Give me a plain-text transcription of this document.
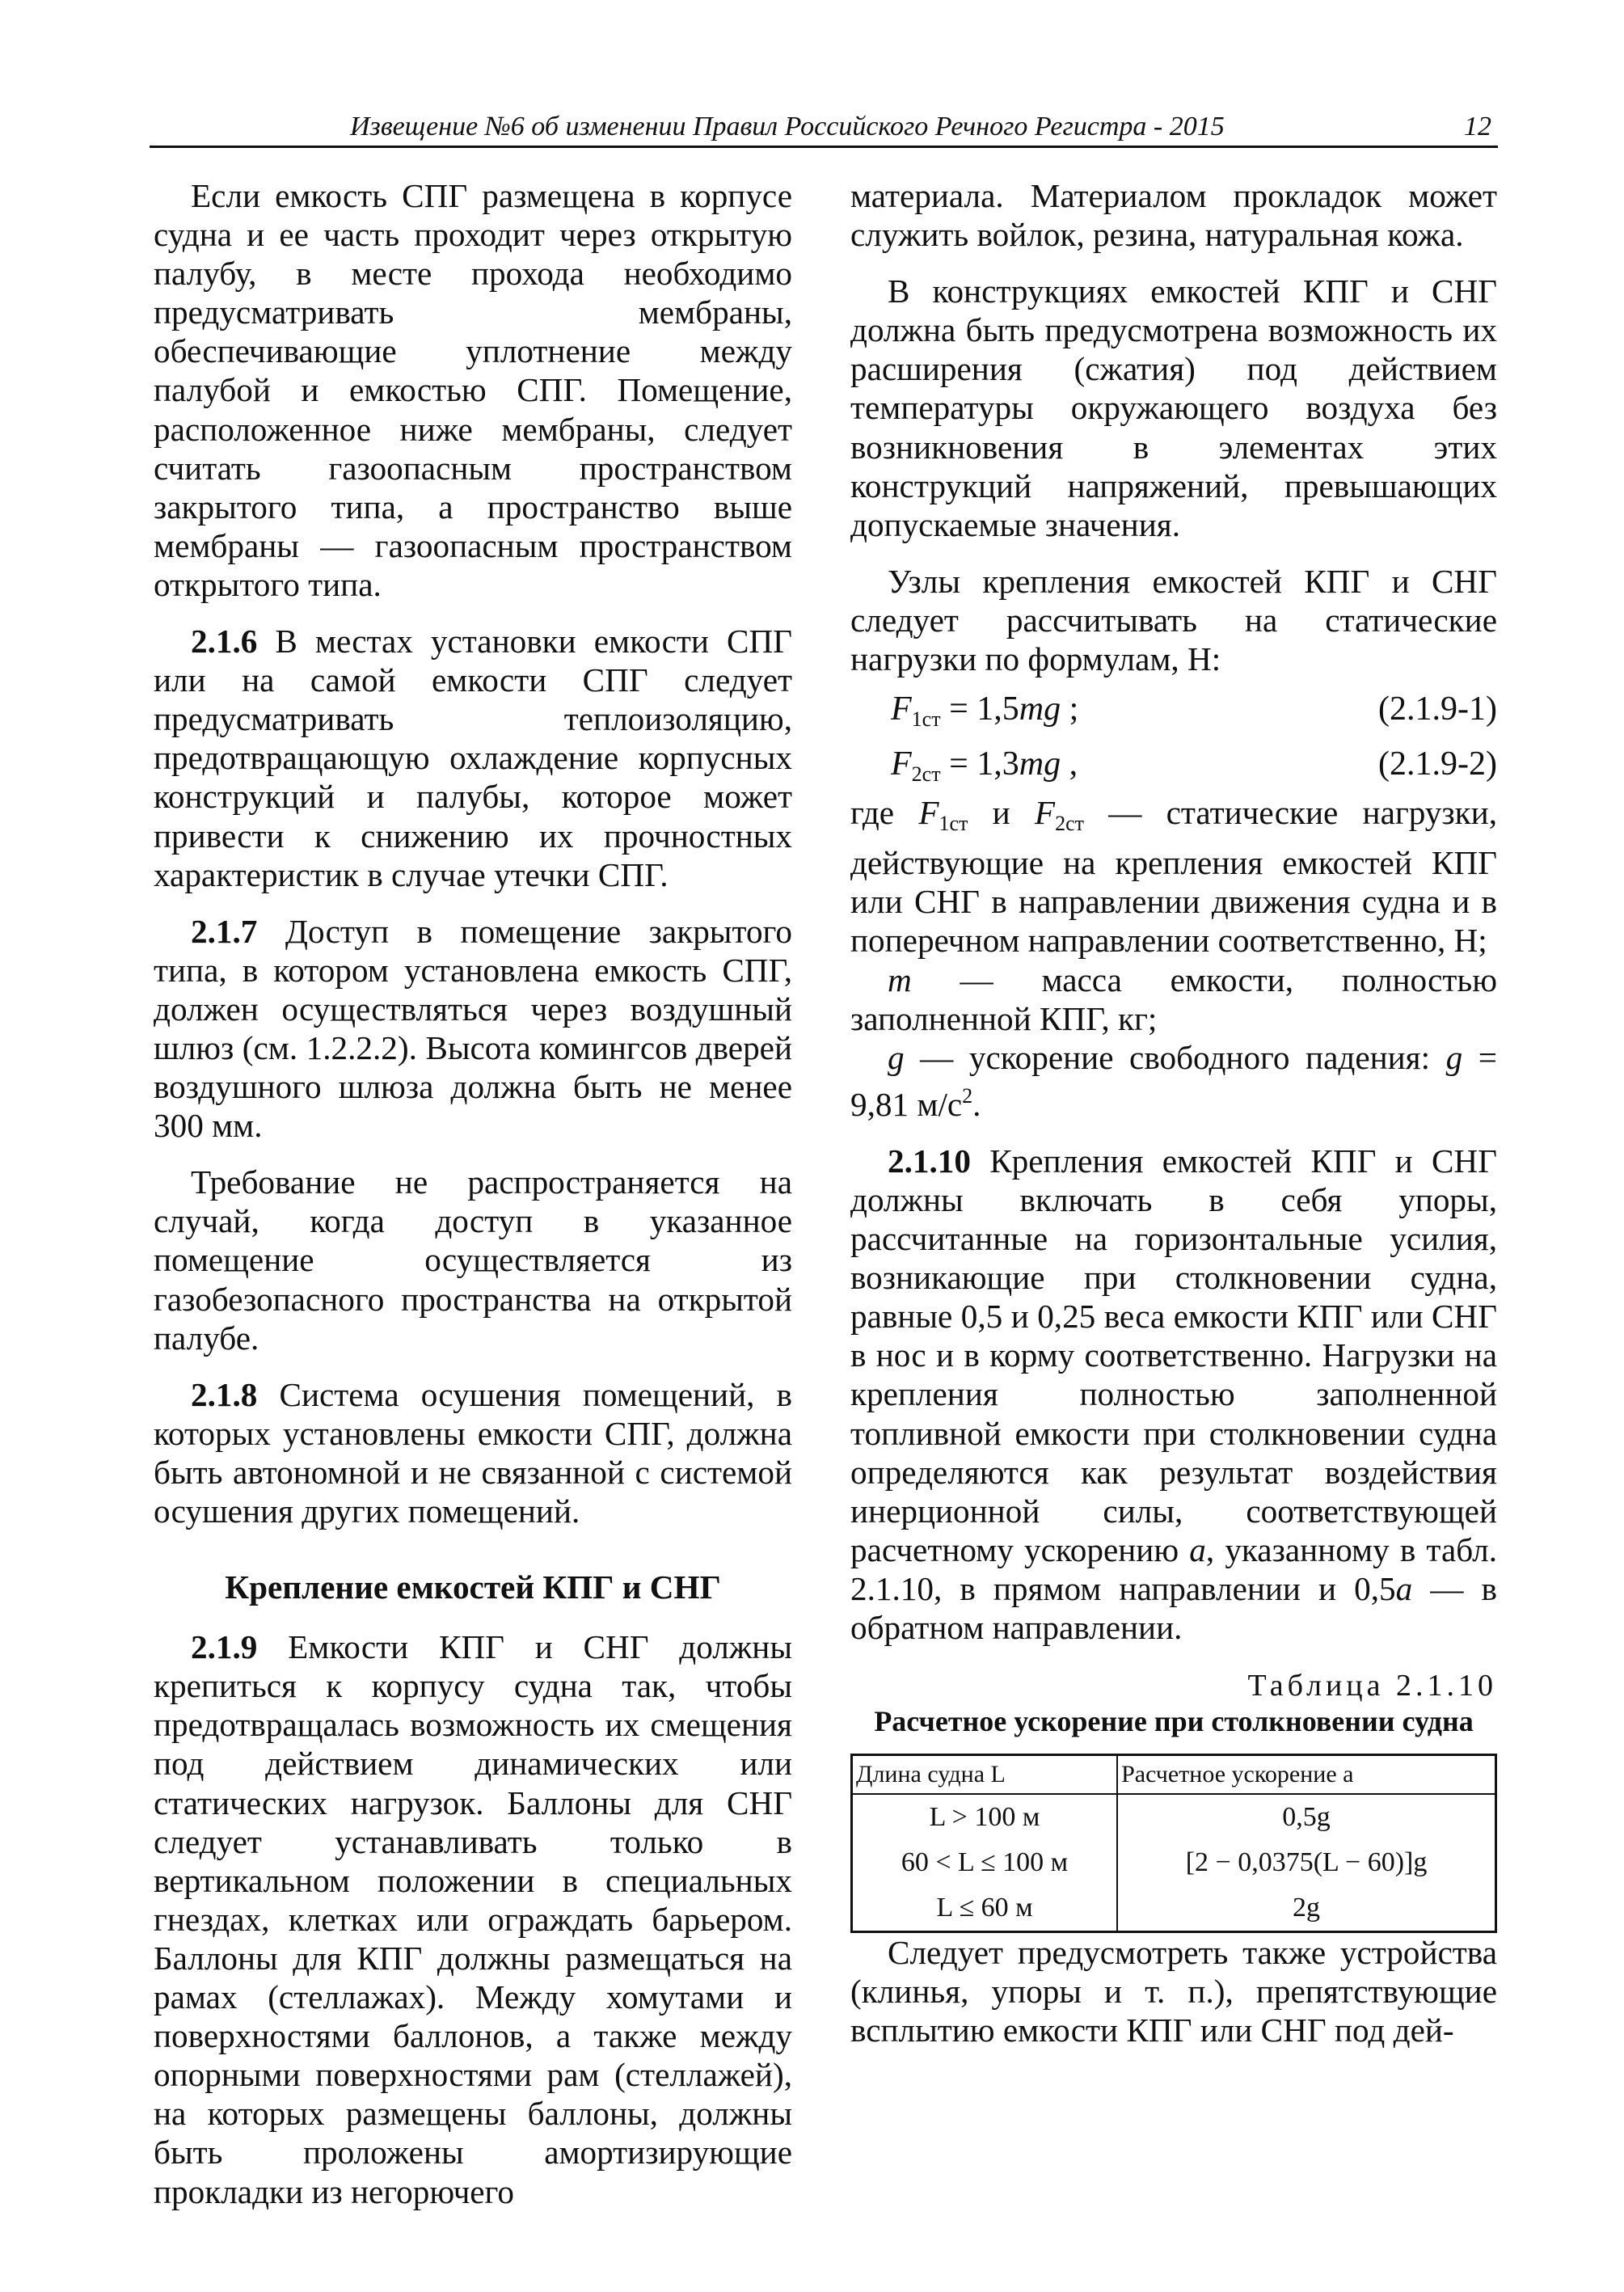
Извещение №6 об изменении Правил Российского Речного Регистра - 2015	12

Если емкость СПГ размещена в корпусе судна и ее часть проходит через открытую палубу, в месте прохода необходимо предусматривать мембраны, обеспечивающие уплотнение между палубой и емкостью СПГ. Помещение, расположенное ниже мембраны, следует считать газоопасным пространством закрытого типа, а пространство выше мембраны — газоопасным пространством открытого типа.

2.1.6 В местах установки емкости СПГ или на самой емкости СПГ следует предусматривать теплоизоляцию, предотвращающую охлаждение корпусных конструкций и палубы, которое может привести к снижению их прочностных характеристик в случае утечки СПГ.

2.1.7 Доступ в помещение закрытого типа, в котором установлена емкость СПГ, должен осуществляться через воздушный шлюз (см. 1.2.2.2). Высота комингсов дверей воздушного шлюза должна быть не менее 300 мм.

Требование не распространяется на случай, когда доступ в указанное помещение осуществляется из газобезопасного пространства на открытой палубе.

2.1.8 Система осушения помещений, в которых установлены емкости СПГ, должна быть автономной и не связанной с системой осушения других помещений.

Крепление емкостей КПГ и СНГ

2.1.9 Емкости КПГ и СНГ должны крепиться к корпусу судна так, чтобы предотвращалась возможность их смещения под действием динамических или статических нагрузок. Баллоны для СНГ следует устанавливать только в вертикальном положении в специальных гнездах, клетках или ограждать барьером. Баллоны для КПГ должны размещаться на рамах (стеллажах). Между хомутами и поверхностями баллонов, а также между опорными поверхностями рам (стеллажей), на которых размещены баллоны, должны быть проложены амортизирующие прокладки из негорючего

материала. Материалом прокладок может служить войлок, резина, натуральная кожа.

В конструкциях емкостей КПГ и СНГ должна быть предусмотрена возможность их расширения (сжатия) под действием температуры окружающего воздуха без возникновения в элементах этих конструкций напряжений, превышающих допускаемые значения.

Узлы крепления емкостей КПГ и СНГ следует рассчитывать на статические нагрузки по формулам, Н:

$F_{1ст} = 1,5mg$ ;	(2.1.9-1)
$F_{2ст} = 1,3mg$ ,	(2.1.9-2)

где $F_{1ст}$ и $F_{2ст}$ — статические нагрузки, действующие на крепления емкостей КПГ или СНГ в направлении движения судна и в поперечном направлении соответственно, Н;

m — масса емкости, полностью заполненной КПГ, кг;

g — ускорение свободного падения: g = 9,81 $м/с^2$.

2.1.10 Крепления емкостей КПГ и СНГ должны включать в себя упоры, рассчитанные на горизонтальные усилия, возникающие при столкновении судна, равные 0,5 и 0,25 веса емкости КПГ или СНГ в нос и в корму соответственно. Нагрузки на крепления полностью заполненной топливной емкости при столкновении судна определяются как результат воздействия инерционной силы, соответствующей расчетному ускорению a, указанному в табл. 2.1.10, в прямом направлении и 0,5a — в обратном направлении.

Таблица 2.1.10
Расчетное ускорение при столкновении судна
Длина судна L	Расчетное ускорение a
L > 100 м	0,5g
60 < L ≤ 100 м	[2 − 0,0375(L − 60)]g
L ≤ 60 м	2g

Следует предусмотреть также устройства (клинья, упоры и т. п.), препятствующие всплытию емкости КПГ или СНГ под дей-
